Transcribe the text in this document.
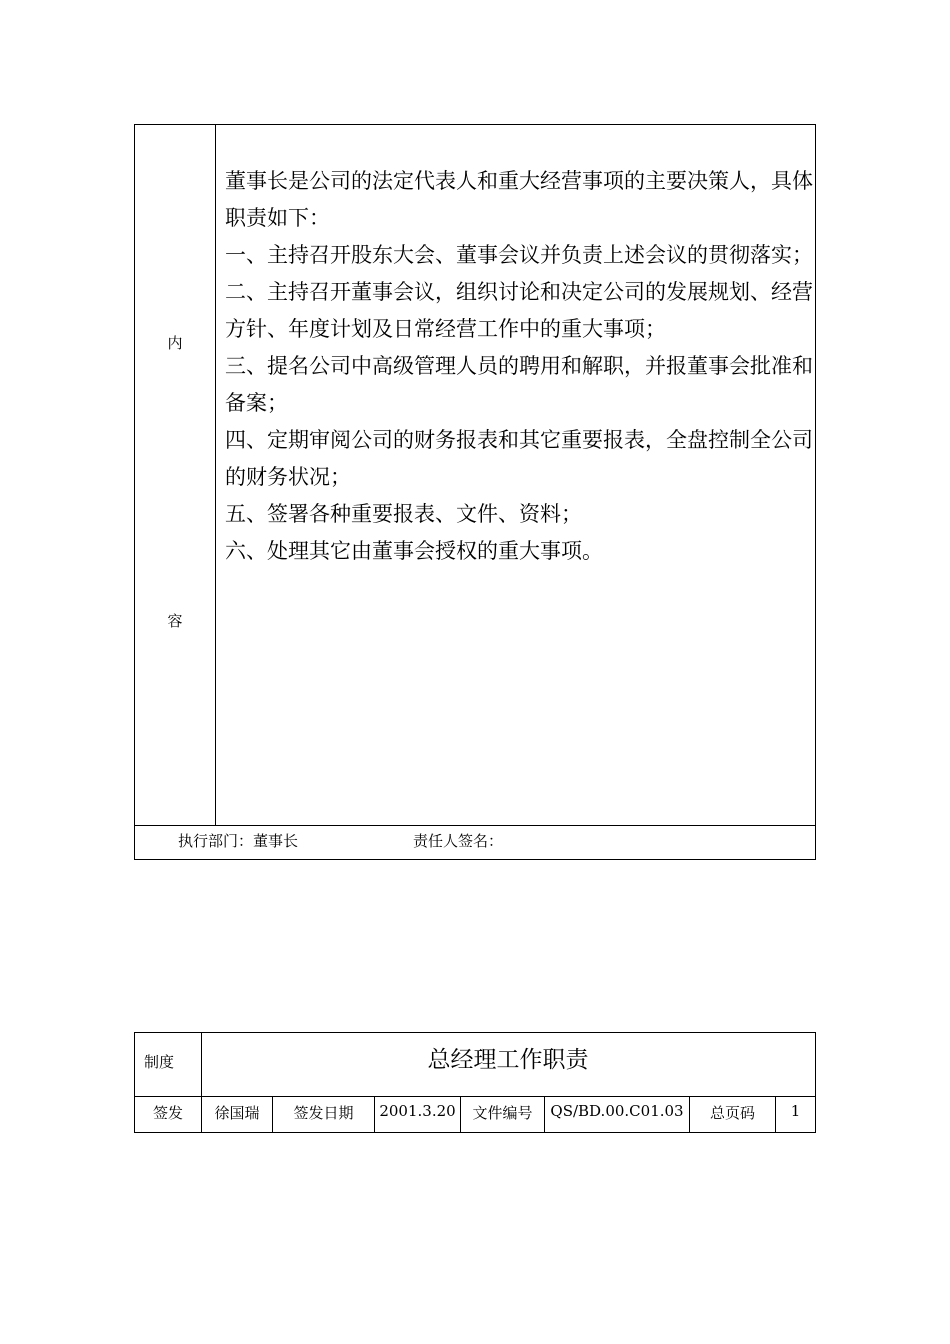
内
容

董事长是公司的法定代表人和重大经营事项的主要决策人，具体职责如下：

一、主持召开股东大会、董事会议并负责上述会议的贯彻落实；

二、主持召开董事会议，组织讨论和决定公司的发展规划、经营方针、年度计划及日常经营工作中的重大事项；

三、提名公司中高级管理人员的聘用和解职，并报董事会批准和备案；

四、定期审阅公司的财务报表和其它重要报表，全盘控制全公司的财务状况；

五、签署各种重要报表、文件、资料；

六、处理其它由董事会授权的重大事项。

执行部门：董事长	责任人签名：
制度	总经理工作职责
签发	徐国瑞	签发日期	2001.3.20	文件编号	QS/BD.00.C01.03	总页码	1
